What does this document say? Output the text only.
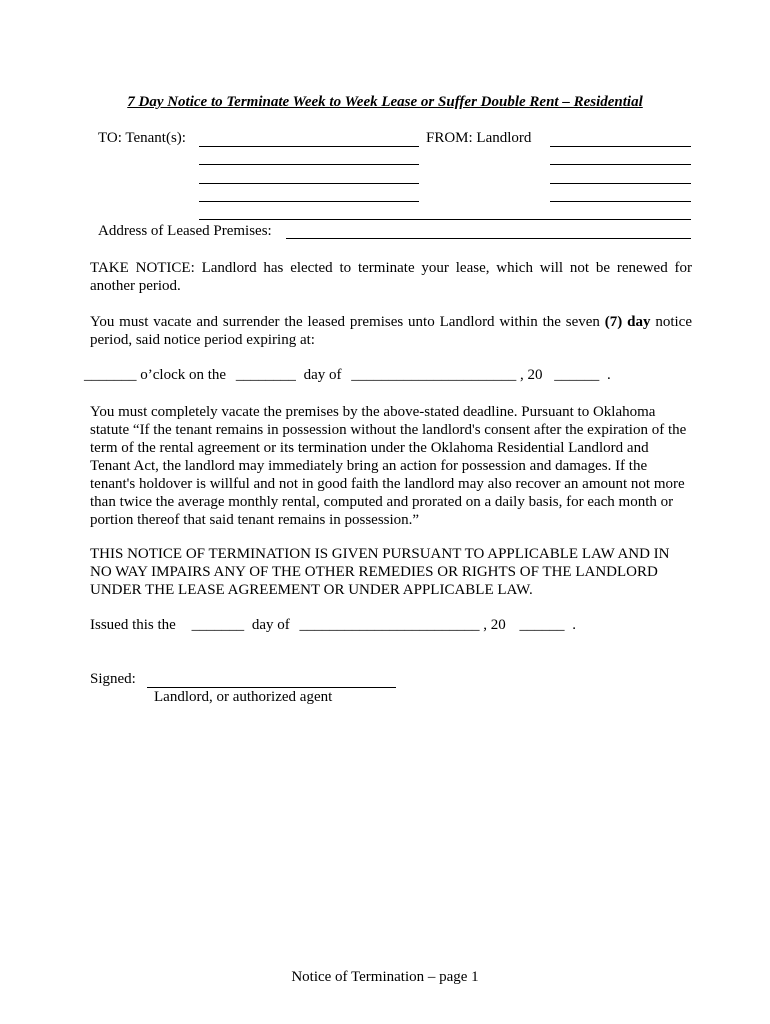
7 Day Notice to Terminate Week to Week Lease or Suffer Double Rent – Residential
TO: Tenant(s):	FROM: Landlord
Address of Leased Premises:
TAKE NOTICE: Landlord has elected to terminate your lease, which will not be renewed for another period.
You must vacate and surrender the leased premises unto Landlord within the seven (7) day notice period, said notice period expiring at:
_______ o’clock on the ________ day of ______________________ , 20 ______ .
You must completely vacate the premises by the above-stated deadline. Pursuant to Oklahoma statute “If the tenant remains in possession without the landlord's consent after the expiration of the term of the rental agreement or its termination under the Oklahoma Residential Landlord and Tenant Act, the landlord may immediately bring an action for possession and damages. If the tenant's holdover is willful and not in good faith the landlord may also recover an amount not more than twice the average monthly rental, computed and prorated on a daily basis, for each month or portion thereof that said tenant remains in possession.”
THIS NOTICE OF TERMINATION IS GIVEN PURSUANT TO APPLICABLE LAW AND IN NO WAY IMPAIRS ANY OF THE OTHER REMEDIES OR RIGHTS OF THE LANDLORD UNDER THE LEASE AGREEMENT OR UNDER APPLICABLE LAW.
Issued this the _______ day of ________________________ , 20 ______ .
Signed:
Landlord, or authorized agent
Notice of Termination – page 1
